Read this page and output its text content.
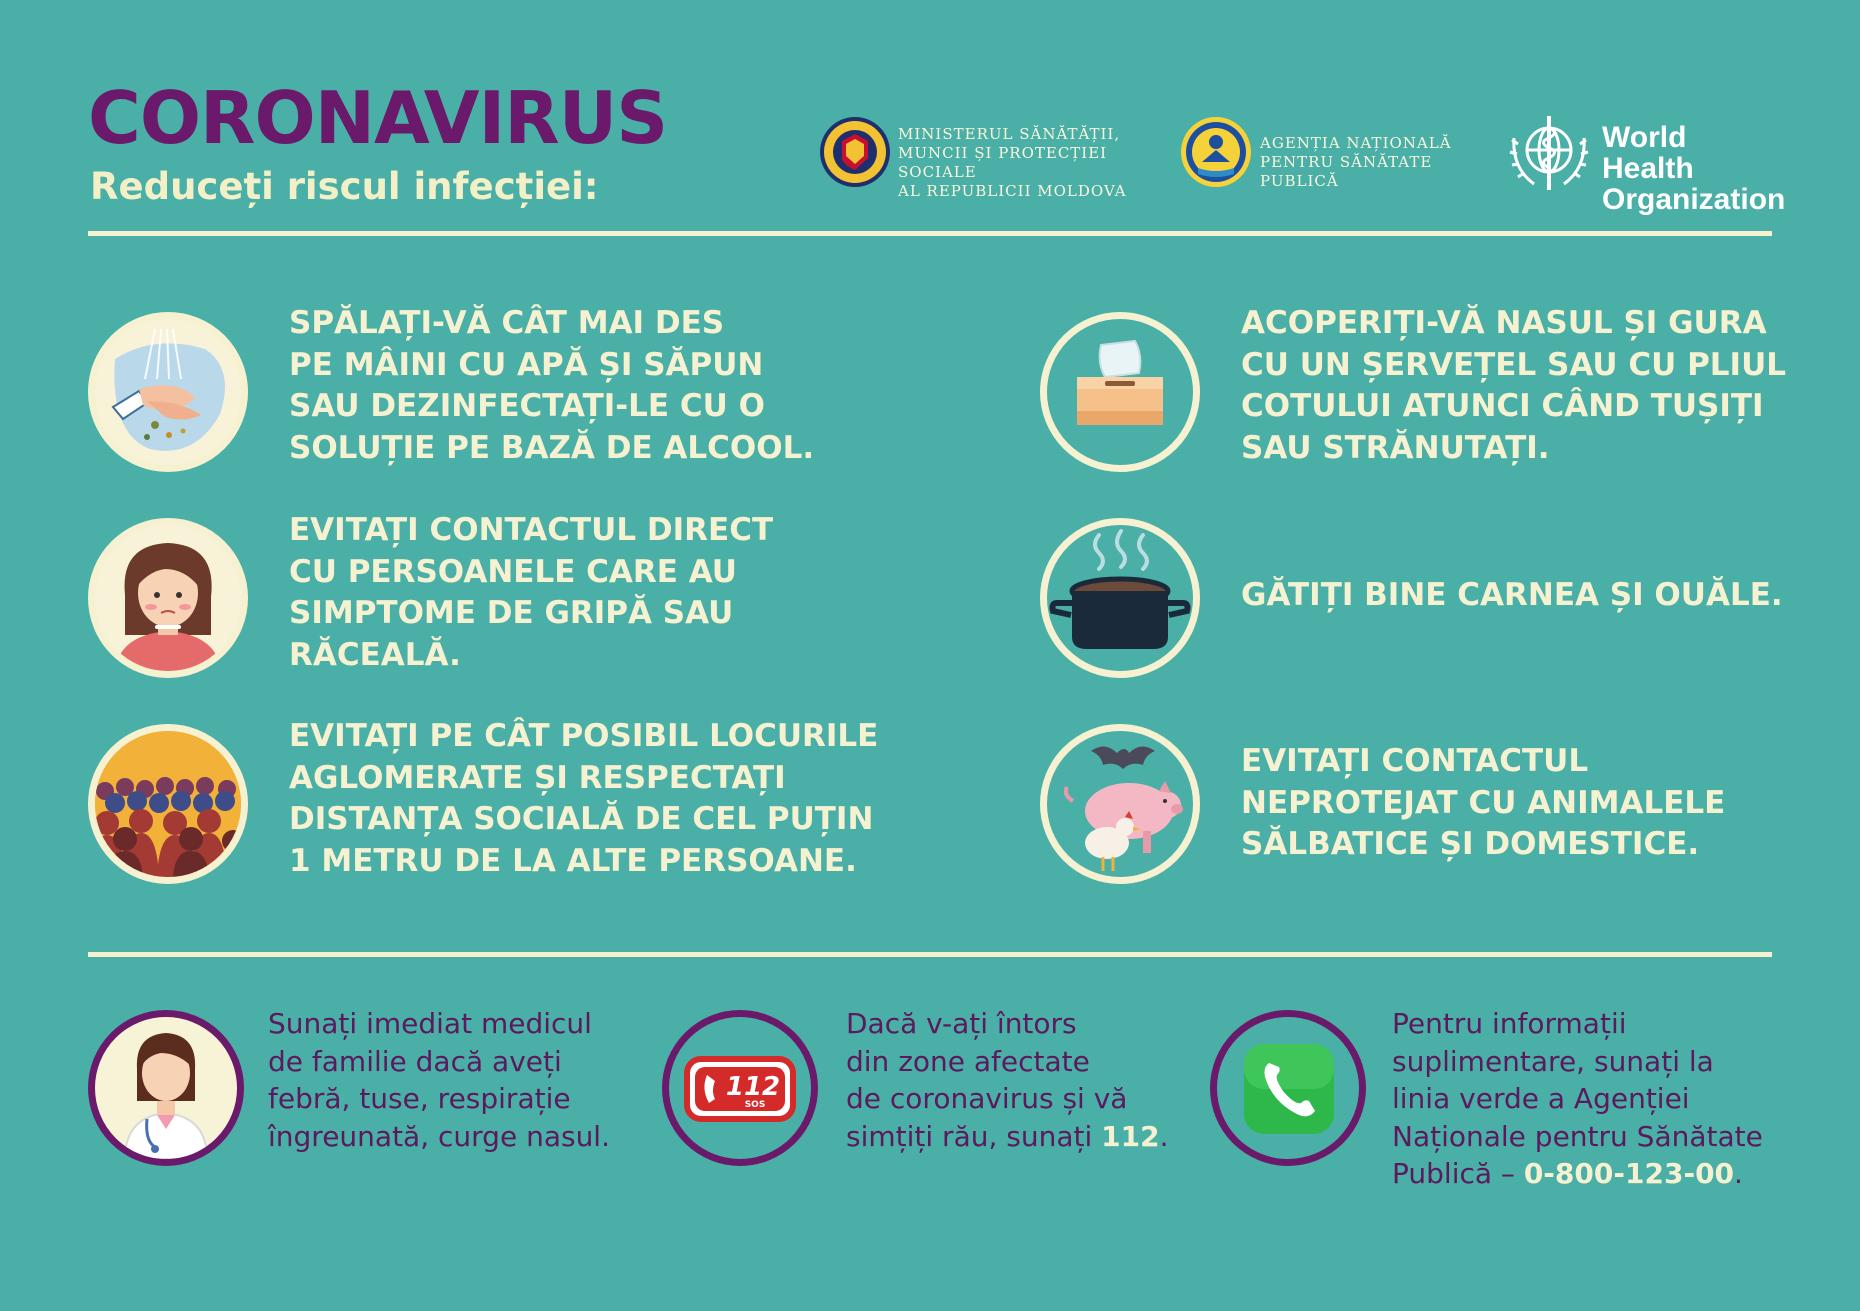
CORONAVIRUS
Reduceți riscul infecției:
MINISTERUL SĂNĂTĂȚII,
MUNCII ȘI PROTECȚIEI SOCIALE
AL REPUBLICII MOLDOVA
AGENȚIA NAȚIONALĂ
PENTRU SĂNĂTATE PUBLICĂ
World Health
Organization
SPĂLAȚI-VĂ CÂT MAI DES
PE MÂINI CU APĂ ȘI SĂPUN
SAU DEZINFECTAȚI-LE CU O
SOLUȚIE PE BAZĂ DE ALCOOL.
EVITAȚI CONTACTUL DIRECT
CU PERSOANELE CARE AU
SIMPTOME DE GRIPĂ SAU
RĂCEALĂ.
EVITAȚI PE CÂT POSIBIL LOCURILE
AGLOMERATE ȘI RESPECTAȚI
DISTANȚA SOCIALĂ DE CEL PUȚIN
1 METRU DE LA ALTE PERSOANE.
ACOPERIȚI-VĂ NASUL ȘI GURA
CU UN ȘERVEȚEL SAU CU PLIUL
COTULUI ATUNCI CÂND TUȘIȚI
SAU STRĂNUTAȚI.
GĂTIȚI BINE CARNEA ȘI OUĂLE.
EVITAȚI CONTACTUL
NEPROTEJAT CU ANIMALELE
SĂLBATICE ȘI DOMESTICE.
Sunați imediat medicul
de familie dacă aveți
febră, tuse, respirație
îngreunată, curge nasul.
112
SOS
Dacă v-ați întors
din zone afectate
de coronavirus și vă
simțiți rău, sunați 112.
Pentru informații
suplimentare, sunați la
linia verde a Agenției
Naționale pentru Sănătate
Publică – 0-800-123-00.
